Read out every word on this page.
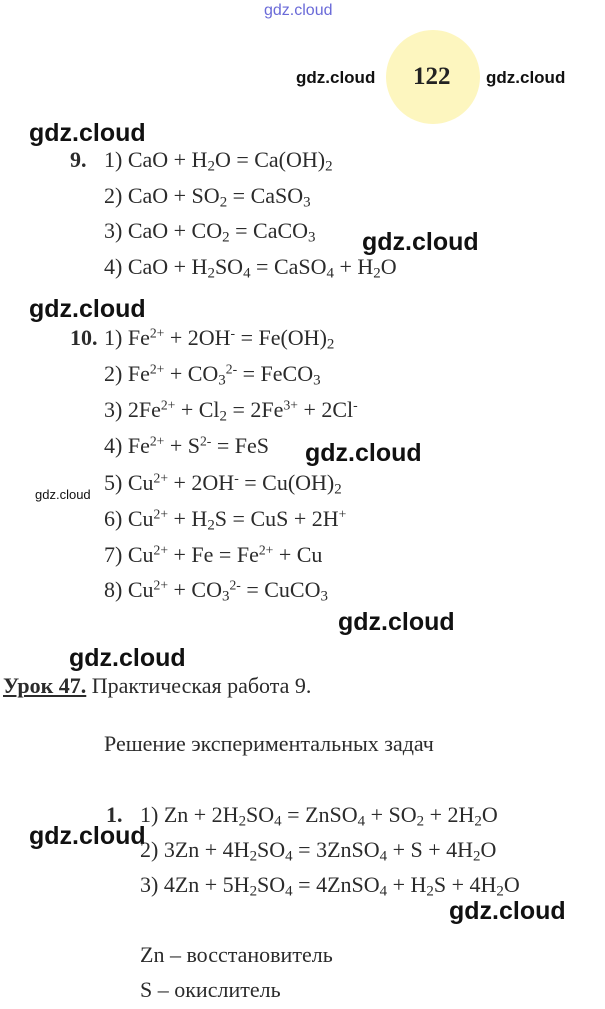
gdz.cloud
122
gdz.cloud	gdz.cloud
gdz.cloud
gdz.cloud
gdz.cloud
gdz.cloud
gdz.cloud
gdz.cloud
gdz.cloud
gdz.cloud
gdz.cloud
9. 1) CaO + $H_2O = Ca(OH)_2$
2) CaO + $SO_2$ = CaSO$_3$
3) CaO + $CO_2$ = CaCO$_3$
4) CaO + $H_2SO_4$ = CaSO$_4$ + $H_2O$
10. 1) $Fe^{2+} + 2OH^- = Fe(OH)_2$
2) $Fe^{2+} + CO_3^{2-}$ = FeCO$_3$
3) $2Fe^{2+} + Cl_2 = 2Fe^{3+} + 2Cl^-$
4) $Fe^{2+} + S^{2-}$ = FeS
5) $Cu^{2+} + 2OH^- = Cu(OH)_2$
6) $Cu^{2+} + H_2S$ = CuS + 2H+
7) $Cu^{2+} + Fe = Fe^{2+} + Cu$
8) $Cu^{2+} + CO_3^{2-}$ = CuCO$_3$
Урок 47. Практическая работа 9.
Решение экспериментальных задач
1. 1) $Zn + 2H_2SO_4$ = ZnSO$_4$ + $SO_2 + 2H_2O$
2) $3Zn + 4H_2SO_4$ = 3ZnSO$_4$ + $S + 4H_2O$
3) $4Zn + 5H_2SO_4$ = 4ZnSO$_4$ + $H_2S + 4H_2O$
Zn – восстановитель
S – окислитель
